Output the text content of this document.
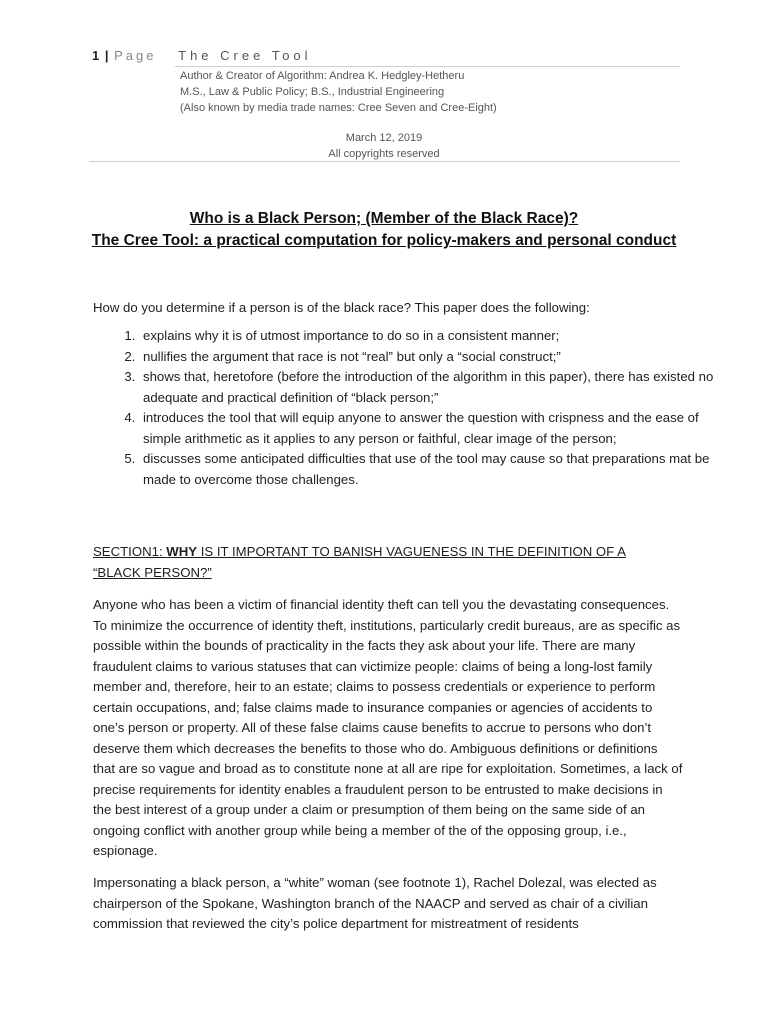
1 | Page The Cree Tool
Author & Creator of Algorithm: Andrea K. Hedgley-Hetheru
M.S., Law & Public Policy; B.S., Industrial Engineering
(Also known by media trade names: Cree Seven and Cree-Eight)
March 12, 2019
All copyrights reserved
Who is a Black Person; (Member of the Black Race)?
The Cree Tool: a practical computation for policy-makers and personal conduct
How do you determine if a person is of the black race? This paper does the following:
1. explains why it is of utmost importance to do so in a consistent manner;
2. nullifies the argument that race is not “real” but only a “social construct;”
3. shows that, heretofore (before the introduction of the algorithm in this paper), there has existed no adequate and practical definition of “black person;”
4. introduces the tool that will equip anyone to answer the question with crispness and the ease of simple arithmetic as it applies to any person or faithful, clear image of the person;
5. discusses some anticipated difficulties that use of the tool may cause so that preparations mat be made to overcome those challenges.
SECTION1: WHY IS IT IMPORTANT TO BANISH VAGUENESS IN THE DEFINITION OF A “BLACK PERSON?”
Anyone who has been a victim of financial identity theft can tell you the devastating consequences. To minimize the occurrence of identity theft, institutions, particularly credit bureaus, are as specific as possible within the bounds of practicality in the facts they ask about your life. There are many fraudulent claims to various statuses that can victimize people: claims of being a long-lost family member and, therefore, heir to an estate; claims to possess credentials or experience to perform certain occupations, and; false claims made to insurance companies or agencies of accidents to one’s person or property. All of these false claims cause benefits to accrue to persons who don’t deserve them which decreases the benefits to those who do. Ambiguous definitions or definitions that are so vague and broad as to constitute none at all are ripe for exploitation. Sometimes, a lack of precise requirements for identity enables a fraudulent person to be entrusted to make decisions in the best interest of a group under a claim or presumption of them being on the same side of an ongoing conflict with another group while being a member of the of the opposing group, i.e., espionage.
Impersonating a black person, a “white” woman (see footnote 1), Rachel Dolezal, was elected as chairperson of the Spokane, Washington branch of the NAACP and served as chair of a civilian commission that reviewed the city’s police department for mistreatment of residents
